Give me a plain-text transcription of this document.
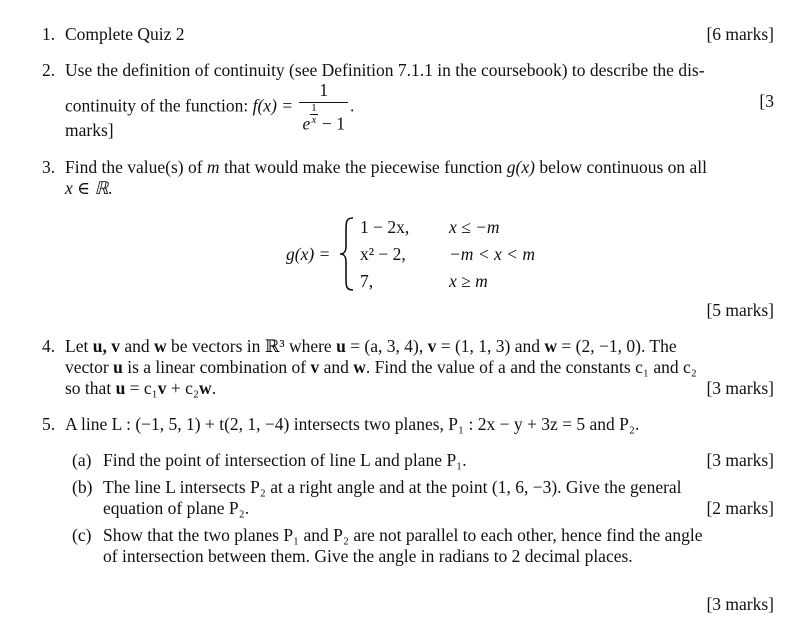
1. Complete Quiz 2	[6 marks]
2. Use the definition of continuity (see Definition 7.1.1 in the coursebook) to describe the dis-
continuity of the function: $f(x) = \frac{1}{e \frac{1}{x} - 1}$ .	[3
marks]
3. Find the value(s) of m that would make the piecewise function g(x) below continuous on all
x ∈ ℝ.
g(x) =
1 − 2x, x ≤ −m
x² − 2, −m < x < m
7,	x ≥ m
[5 marks]
4. Let u, v and w be vectors in ℝ³ where u = (a, 3, 4), v = (1, 1, 3) and w = (2, −1, 0). The
vector u is a linear combination of v and w. Find the value of a and the constants c₁ and c₂
so that u = c₁v + c₂w.	[3 marks]
5. A line L : (−1, 5, 1) + t(2, 1, −4) intersects two planes, P₁ : 2x − y + 3z = 5 and P₂.
(a) Find the point of intersection of line L and plane P₁.	[3 marks]
(b) The line L intersects P₂ at a right angle and at the point (1, 6, −3). Give the general
equation of plane P₂.	[2 marks]
(c) Show that the two planes P₁ and P₂ are not parallel to each other, hence find the angle
of intersection between them. Give the angle in radians to 2 decimal places.
[3 marks]
